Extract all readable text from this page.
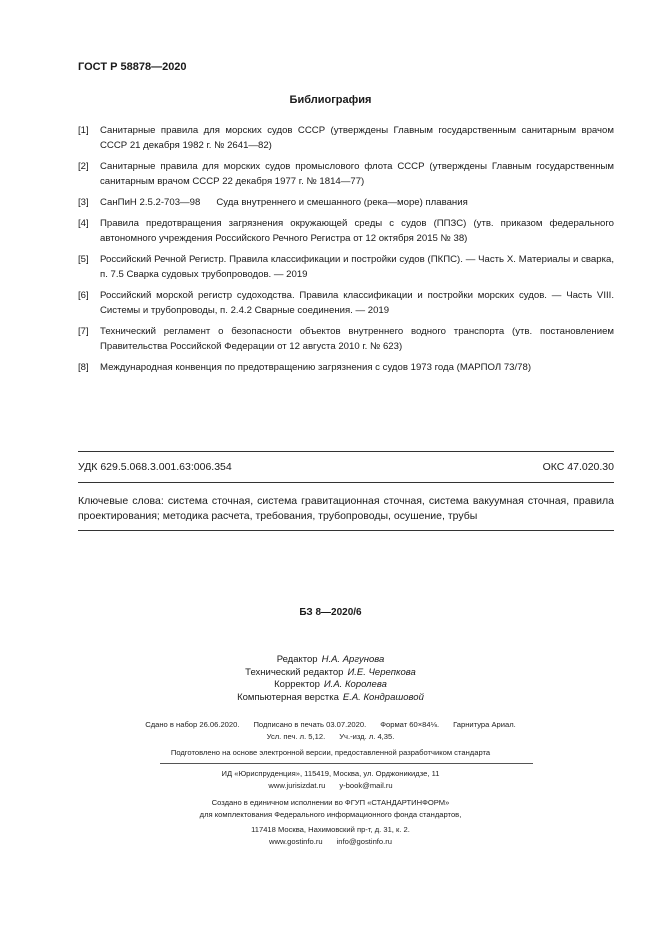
ГОСТ Р 58878—2020
Библиография
[1]	Санитарные правила для морских судов СССР (утверждены Главным государственным санитарным врачом СССР 21 декабря 1982 г. № 2641—82)
[2]	Санитарные правила для морских судов промыслового флота СССР (утверждены Главным государственным санитарным врачом СССР 22 декабря 1977 г. № 1814—77)
[3]	СанПиН 2.5.2-703—98      Суда внутреннего и смешанного (река—море) плавания
[4]	Правила предотвращения загрязнения окружающей среды с судов (ППЗС) (утв. приказом федерального автономного учреждения Российского Речного Регистра от 12 октября 2015 № 38)
[5]	Российский Речной Регистр. Правила классификации и постройки судов (ПКПС). — Часть X. Материалы и сварка, п. 7.5 Сварка судовых трубопроводов. — 2019
[6]	Российский морской регистр судоходства. Правила классификации и постройки морских судов. — Часть VIII. Системы и трубопроводы, п. 2.4.2 Сварные соединения. — 2019
[7]	Технический регламент о безопасности объектов внутреннего водного транспорта (утв. постановлением Правительства Российской Федерации от 12 августа 2010 г. № 623)
[8]	Международная конвенция по предотвращению загрязнения с судов 1973 года (МАРПОЛ 73/78)
УДК 629.5.068.3.001.63:006.354	ОКС 47.020.30
Ключевые слова: система сточная, система гравитационная сточная, система вакуумная сточная, правила проектирования; методика расчета, требования, трубопроводы, осушение, трубы
БЗ 8—2020/6
Редактор Н.А. Аргунова
Технический редактор И.Е. Черепкова
Корректор И.А. Королева
Компьютерная верстка Е.А. Кондрашовой
Сдано в набор 26.06.2020. Подписано в печать 03.07.2020. Формат 60×84⅛. Гарнитура Ариал.
Усл. печ. л. 5,12. Уч.-изд. л. 4,35.
Подготовлено на основе электронной версии, предоставленной разработчиком стандарта
ИД «Юриспруденция», 115419, Москва, ул. Орджоникидзе, 11
www.jurisizdat.ru y-book@mail.ru
Создано в единичном исполнении во ФГУП «СТАНДАРТИНФОРМ»
для комплектования Федерального информационного фонда стандартов,
117418 Москва, Нахимовский пр-т, д. 31, к. 2.
www.gostinfo.ru info@gostinfo.ru
